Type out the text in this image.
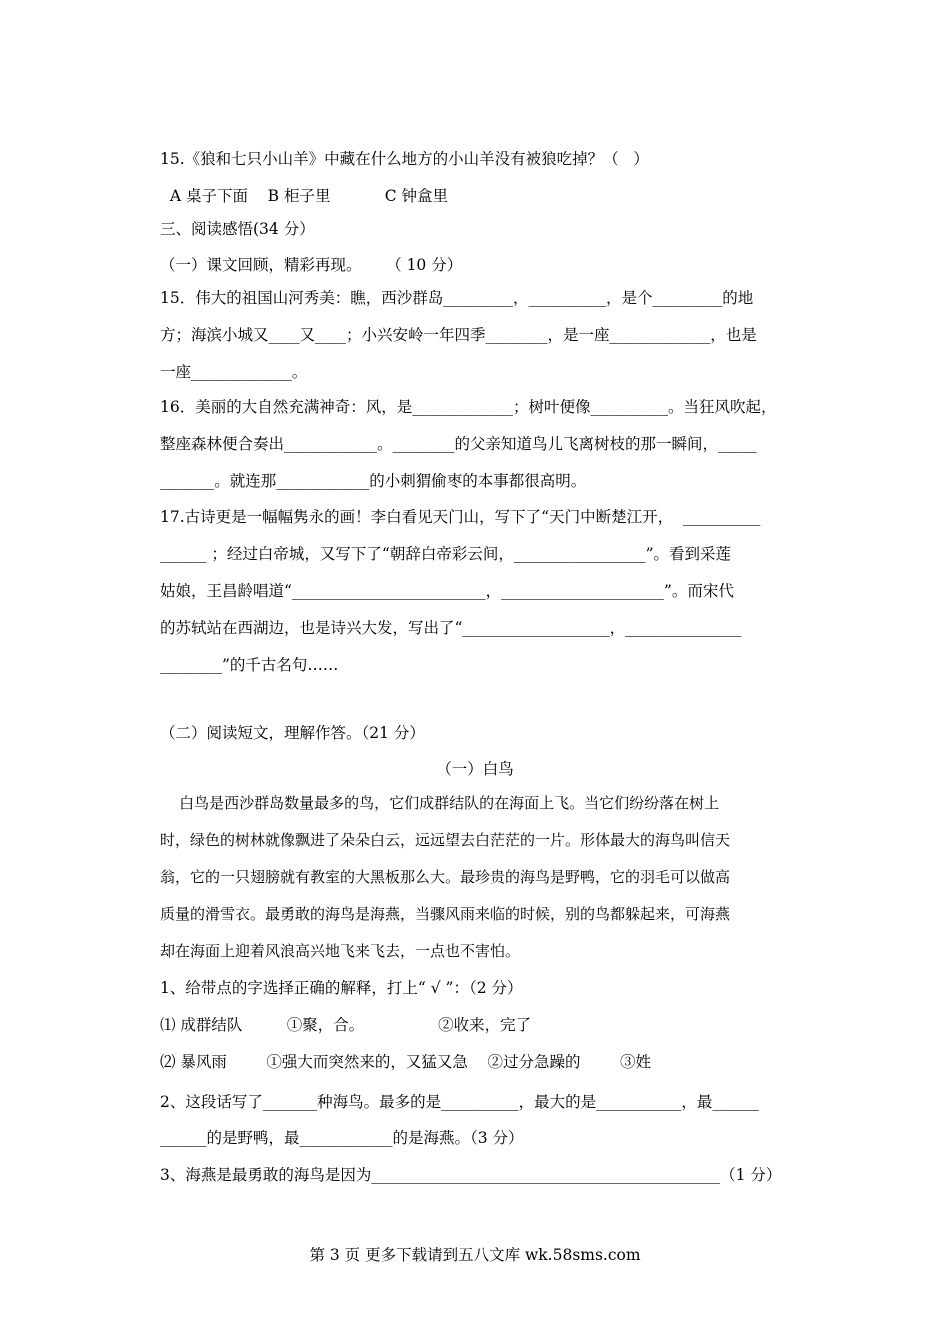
15.《狼和七只小山羊》中藏在什么地方的小山羊没有被狼吃掉？（   ）
A 桌子下面    B 柜子里           C 钟盒里
三、阅读感悟(34 分）
（一）课文回顾，精彩再现。     （ 10 分）
15．伟大的祖国山河秀美：瞧，西沙群岛_________，__________，是个_________的地
方；海滨小城又____又____；小兴安岭一年四季________，是一座_____________，也是
一座_____________。
16．美丽的大自然充满神奇：风，是_____________；树叶便像__________。当狂风吹起，
整座森林便合奏出____________。________的父亲知道鸟儿飞离树枝的那一瞬间，_____
_______。就连那____________的小刺猬偷枣的本事都很高明。
17.古诗更是一幅幅隽永的画！李白看见天门山，写下了“天门中断楚江开，  __________
______ ；经过白帝城，又写下了“朝辞白帝彩云间，_________________”。看到采莲
姑娘，王昌龄唱道“_________________________，_____________________”。而宋代
的苏轼站在西湖边，也是诗兴大发，写出了“___________________，_______________
________”的千古名句……
（二）阅读短文，理解作答。（21 分）
（一）白鸟
白鸟是西沙群岛数量最多的鸟，它们成群结队的在海面上飞。当它们纷纷落在树上
时，绿色的树林就像飘进了朵朵白云，远远望去白茫茫的一片。形体最大的海鸟叫信天
翁，它的一只翅膀就有教室的大黑板那么大。最珍贵的海鸟是野鸭，它的羽毛可以做高
质量的滑雪衣。最勇敢的海鸟是海燕，当骤风雨来临的时候，别的鸟都躲起来，可海燕
却在海面上迎着风浪高兴地飞来飞去，一点也不害怕。
1、给带点的字选择正确的解释，打上“ √ ”：（2 分）
⑴ 成群结队         ①聚，合。               ②收来，完了
⑵ 暴风雨        ①强大而突然来的，又猛又急    ②过分急躁的        ③姓
2、这段话写了_______种海鸟。最多的是__________，最大的是___________，最______
______的是野鸭，最____________的是海燕。（3 分）
3、海燕是最勇敢的海鸟是因为_____________________________________________（1 分）
第 3 页 更多下载请到五八文库 wk.58sms.com
